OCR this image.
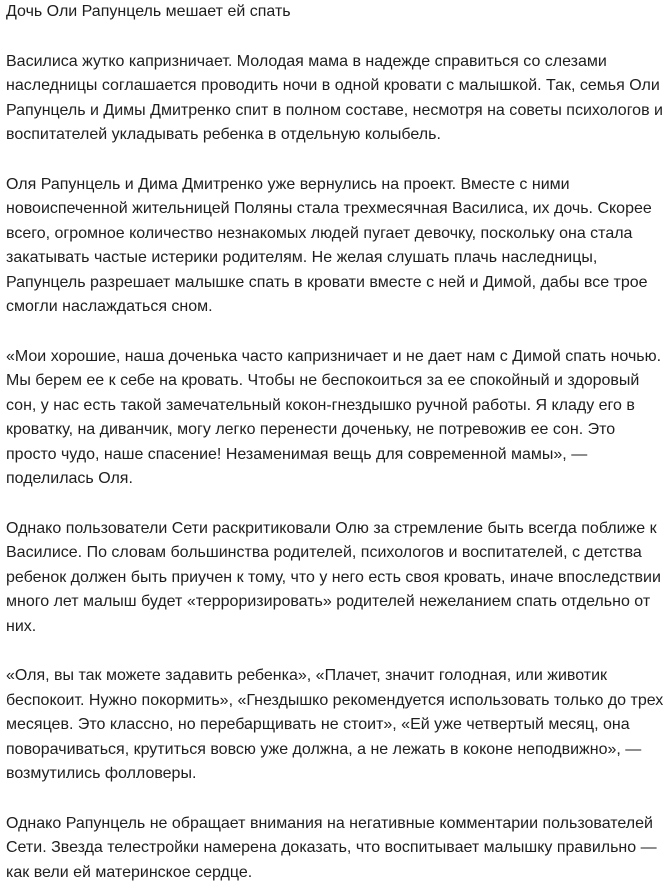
Дочь Оли Рапунцель мешает ей спать

Василиса жутко капризничает. Молодая мама в надежде справиться со слезами наследницы соглашается проводить ночи в одной кровати с малышкой. Так, семья Оли Рапунцель и Димы Дмитренко спит в полном составе, несмотря на советы психологов и воспитателей укладывать ребенка в отдельную колыбель.

Оля Рапунцель и Дима Дмитренко уже вернулись на проект. Вместе с ними новоиспеченной жительницей Поляны стала трехмесячная Василиса, их дочь. Скорее всего, огромное количество незнакомых людей пугает девочку, поскольку она стала закатывать частые истерики родителям. Не желая слушать плачь наследницы, Рапунцель разрешает малышке спать в кровати вместе с ней и Димой, дабы все трое смогли наслаждаться сном.

«Мои хорошие, наша доченька часто капризничает и не дает нам с Димой спать ночью. Мы берем ее к себе на кровать. Чтобы не беспокоиться за ее спокойный и здоровый сон, у нас есть такой замечательный кокон-гнездышко ручной работы. Я кладу его в кроватку, на диванчик, могу легко перенести доченьку, не потревожив ее сон. Это просто чудо, наше спасение! Незаменимая вещь для современной мамы», — поделилась Оля.

Однако пользователи Сети раскритиковали Олю за стремление быть всегда поближе к Василисе. По словам большинства родителей, психологов и воспитателей, с детства ребенок должен быть приучен к тому, что у него есть своя кровать, иначе впоследствии много лет малыш будет «терроризировать» родителей нежеланием спать отдельно от них.

«Оля, вы так можете задавить ребенка», «Плачет, значит голодная, или животик беспокоит. Нужно покормить», «Гнездышко рекомендуется использовать только до трех месяцев. Это классно, но перебарщивать не стоит», «Ей уже четвертый месяц, она поворачиваться, крутиться вовсю уже должна, а не лежать в коконе неподвижно», — возмутились фолловеры.

Однако Рапунцель не обращает внимания на негативные комментарии пользователей Сети. Звезда телестройки намерена доказать, что воспитывает малышку правильно — как вели ей материнское сердце.
